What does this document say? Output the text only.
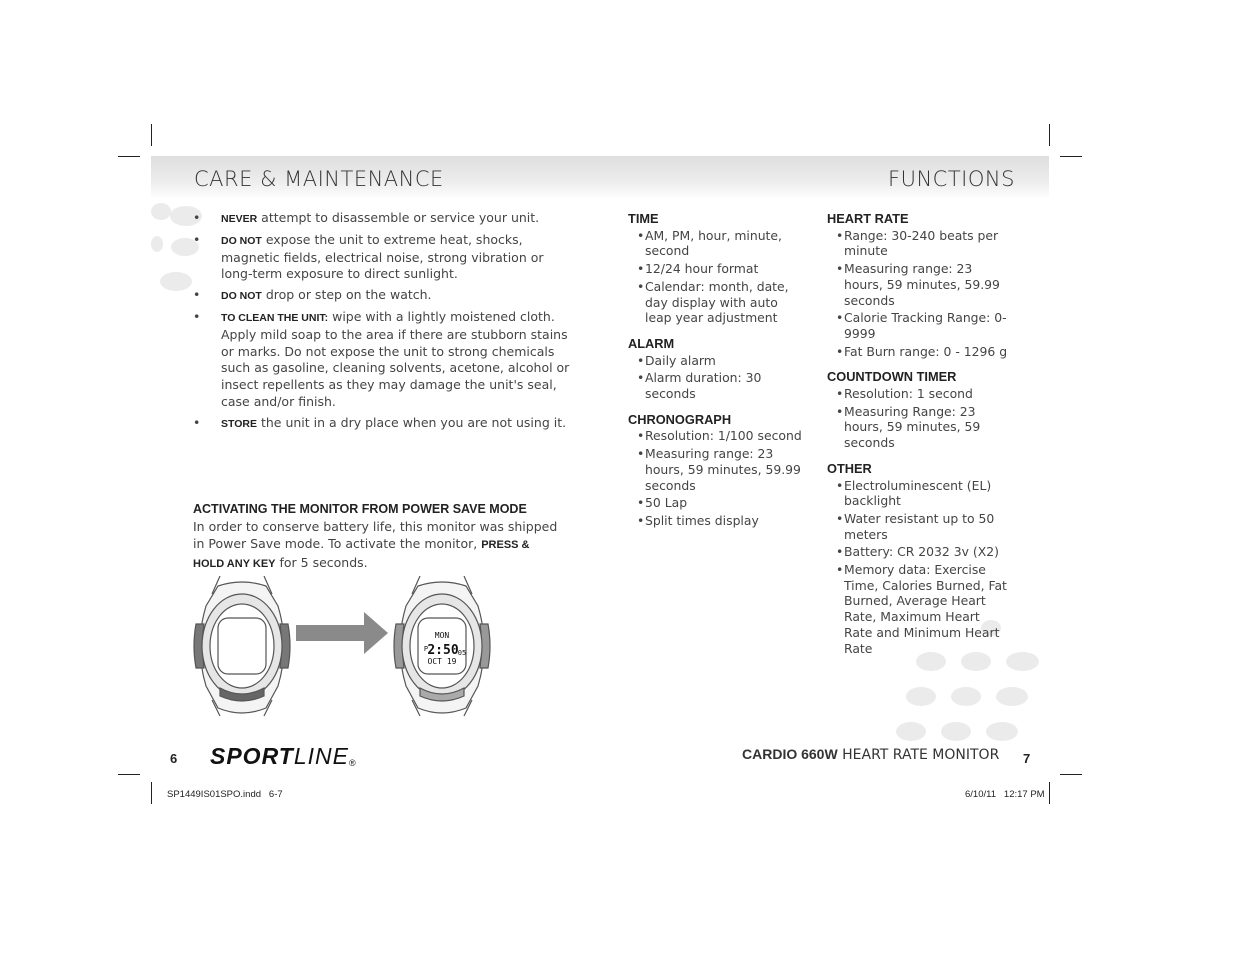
CARE & MAINTENANCE	FUNCTIONS
• NEVER attempt to disassemble or service your unit.
• DO NOT expose the unit to extreme heat, shocks, magnetic fields, electrical noise, strong vibration or long-term exposure to direct sunlight.
• DO NOT drop or step on the watch.
• TO CLEAN THE UNIT: wipe with a lightly moistened cloth. Apply mild soap to the area if there are stubborn stains or marks. Do not expose the unit to strong chemicals such as gasoline, cleaning solvents, acetone, alcohol or insect repellents as they may damage the unit's seal, case and/or finish.
• STORE the unit in a dry place when you are not using it.
ACTIVATING THE MONITOR FROM POWER SAVE MODE
In order to conserve battery life, this monitor was shipped in Power Save mode. To activate the monitor, PRESS & HOLD ANY KEY for 5 seconds.
MON
P 2:50 05
OCT 19
TIME
• AM, PM, hour, minute, second
• 12/24 hour format
• Calendar: month, date, day display with auto leap year adjustment
ALARM
• Daily alarm
• Alarm duration: 30 seconds
CHRONOGRAPH
• Resolution: 1/100 second
• Measuring range: 23 hours, 59 minutes, 59.99 seconds
• 50 Lap
• Split times display
HEART RATE
• Range: 30-240 beats per minute
• Measuring range: 23 hours, 59 minutes, 59.99 seconds
• Calorie Tracking Range: 0-9999
• Fat Burn range: 0 - 1296 g
COUNTDOWN TIMER
• Resolution: 1 second
• Measuring Range: 23 hours, 59 minutes, 59 seconds
OTHER
• Electroluminescent (EL) backlight
• Water resistant up to 50 meters
• Battery: CR 2032 3v (X2)
• Memory data: Exercise Time, Calories Burned, Fat Burned, Average Heart Rate, Maximum Heart Rate and Minimum Heart Rate
6 SPORTLINE®
CARDIO 660W HEART RATE MONITOR 7
SP1449IS01SPO.indd   6-7	6/10/11   12:17 PM
